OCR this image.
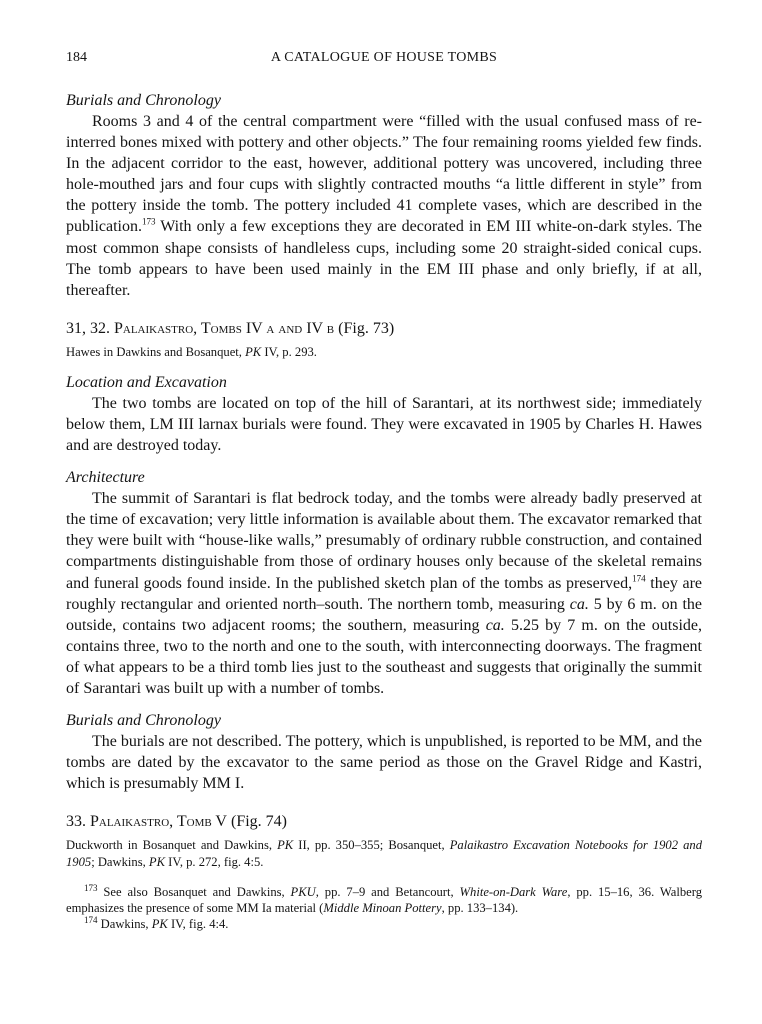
184	A CATALOGUE OF HOUSE TOMBS

Burials and Chronology

Rooms 3 and 4 of the central compartment were “filled with the usual confused mass of re-interred bones mixed with pottery and other objects.” The four remaining rooms yielded few finds. In the adjacent corridor to the east, however, additional pottery was uncovered, including three hole-mouthed jars and four cups with slightly contracted mouths “a little different in style” from the pottery inside the tomb. The pottery included 41 complete vases, which are described in the publication.$^{173}$ With only a few exceptions they are decorated in EM III white-on-dark styles. The most common shape consists of handleless cups, including some 20 straight-sided conical cups. The tomb appears to have been used mainly in the EM III phase and only briefly, if at all, thereafter.

31, 32. Palaikastro, Tombs IV a and IV b (Fig. 73)

Hawes in Dawkins and Bosanquet, PK IV, p. 293.

Location and Excavation

The two tombs are located on top of the hill of Sarantari, at its northwest side; immediately below them, LM III larnax burials were found. They were excavated in 1905 by Charles H. Hawes and are destroyed today.

Architecture

The summit of Sarantari is flat bedrock today, and the tombs were already badly preserved at the time of excavation; very little information is available about them. The excavator remarked that they were built with “house-like walls,” presumably of ordinary rubble construction, and contained compartments distinguishable from those of ordinary houses only because of the skeletal remains and funeral goods found inside. In the published sketch plan of the tombs as preserved,$^{174}$ they are roughly rectangular and oriented north–south. The northern tomb, measuring ca. 5 by 6 m. on the outside, contains two adjacent rooms; the southern, measuring ca. 5.25 by 7 m. on the outside, contains three, two to the north and one to the south, with interconnecting doorways. The fragment of what appears to be a third tomb lies just to the southeast and suggests that originally the summit of Sarantari was built up with a number of tombs.

Burials and Chronology

The burials are not described. The pottery, which is unpublished, is reported to be MM, and the tombs are dated by the excavator to the same period as those on the Gravel Ridge and Kastri, which is presumably MM I.

33. Palaikastro, Tomb V (Fig. 74)

Duckworth in Bosanquet and Dawkins, PK II, pp. 350–355; Bosanquet, Palaikastro Excavation Notebooks for 1902 and 1905; Dawkins, PK IV, p. 272, fig. 4:5.

$^{173}$ See also Bosanquet and Dawkins, PKU, pp. 7–9 and Betancourt, White-on-Dark Ware, pp. 15–16, 36. Walberg emphasizes the presence of some MM Ia material (Middle Minoan Pottery, pp. 133–134).

$^{174}$ Dawkins, PK IV, fig. 4:4.
